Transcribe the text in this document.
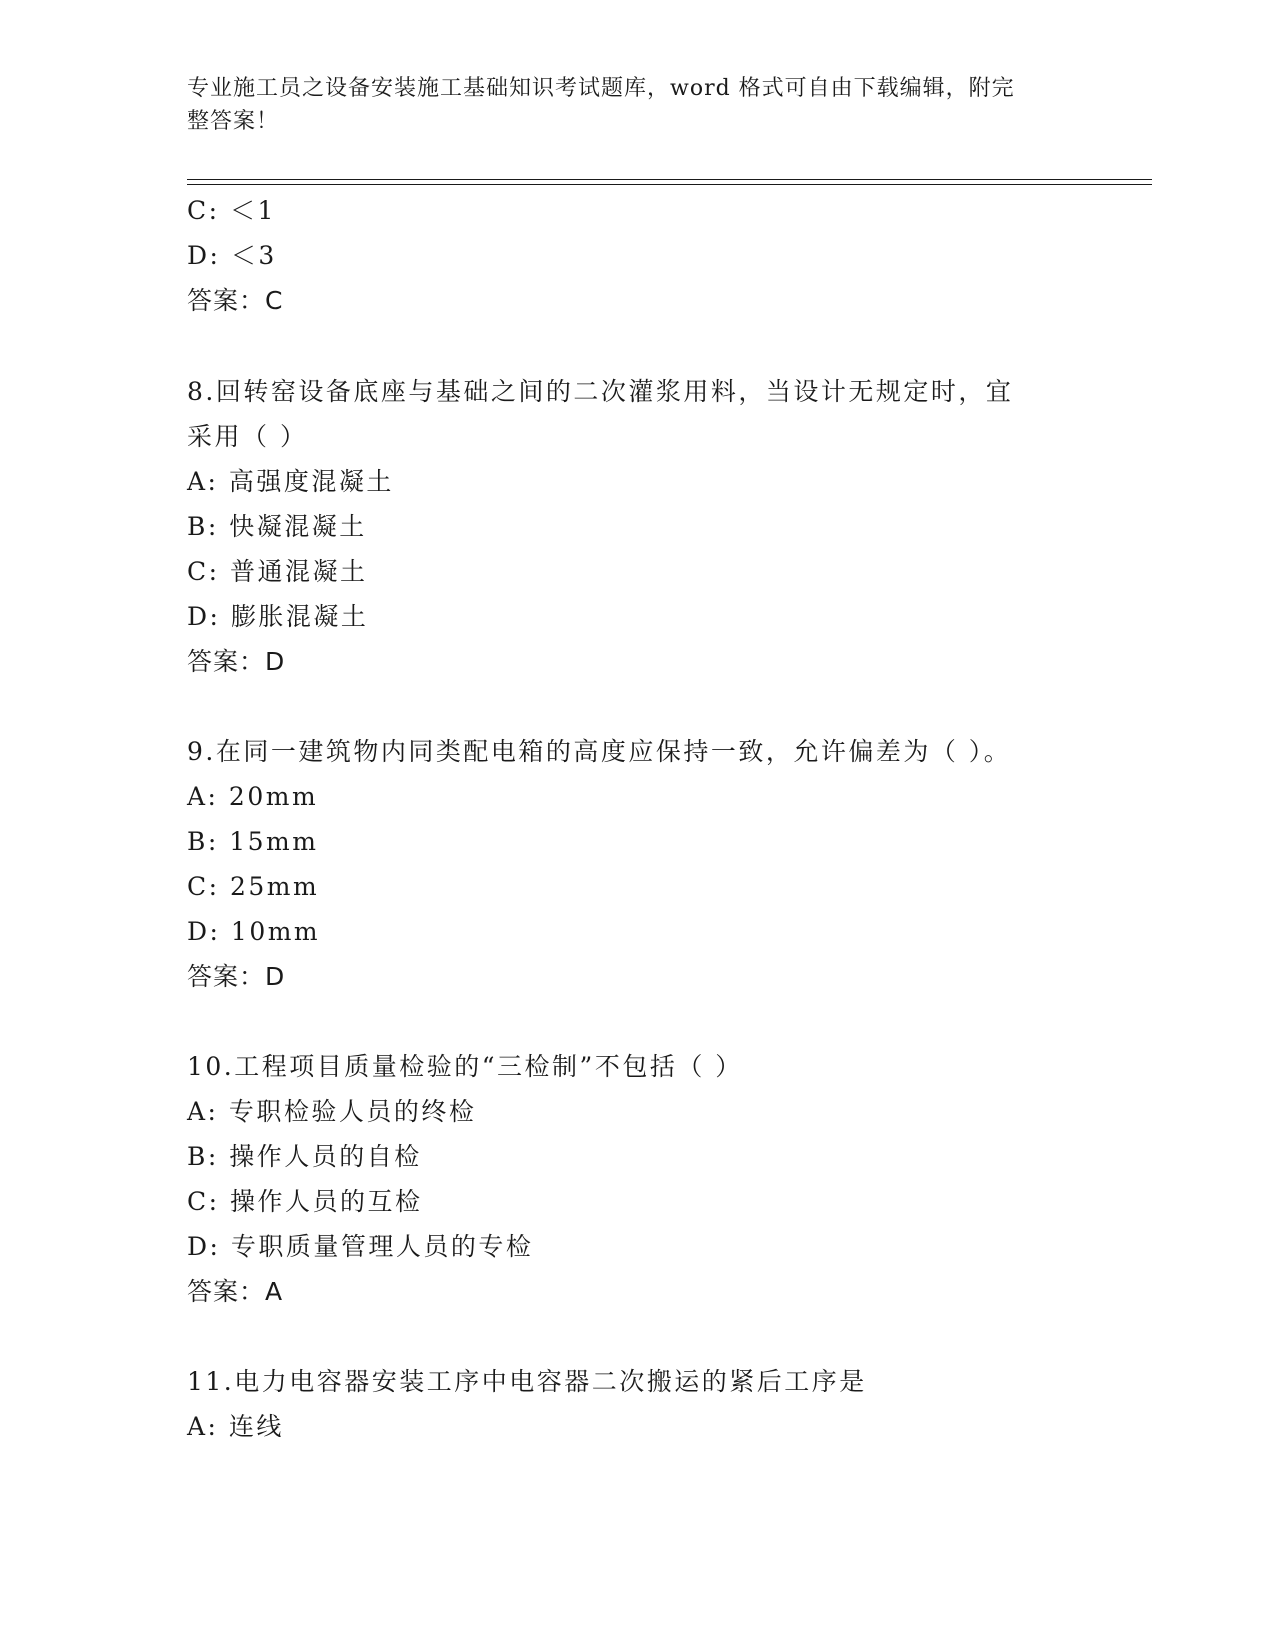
专业施工员之设备安装施工基础知识考试题库，word 格式可自由下载编辑，附完
整答案！
C: ＜1
D: ＜3
答案：C
8.回转窑设备底座与基础之间的二次灌浆用料，当设计无规定时，宜
采用（ ）
A: 高强度混凝土
B: 快凝混凝土
C: 普通混凝土
D: 膨胀混凝土
答案：D
9.在同一建筑物内同类配电箱的高度应保持一致，允许偏差为（ ）。
A: 20mm
B: 15mm
C: 25mm
D: 10mm
答案：D
10.工程项目质量检验的“三检制”不包括（ ）
A: 专职检验人员的终检
B: 操作人员的自检
C: 操作人员的互检
D: 专职质量管理人员的专检
答案：A
11.电力电容器安装工序中电容器二次搬运的紧后工序是
A: 连线
